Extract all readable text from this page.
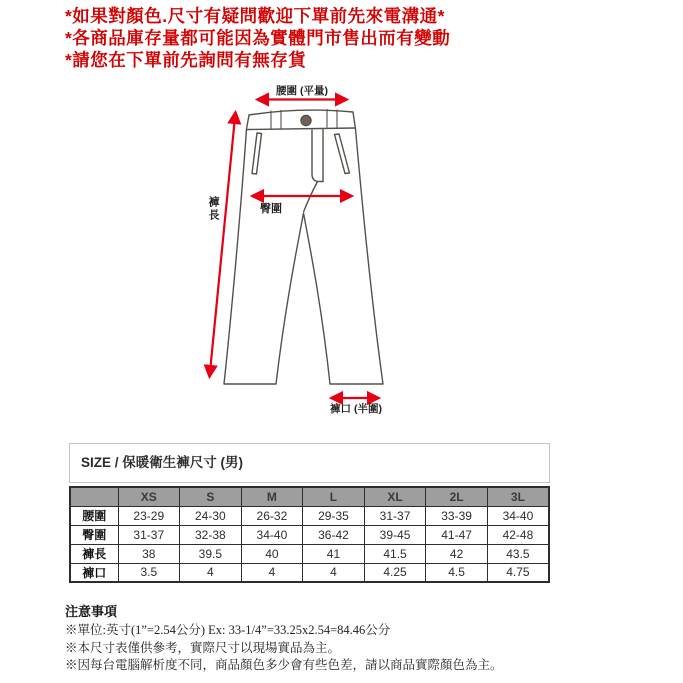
*如果對顏色.尺寸有疑問歡迎下單前先來電溝通*
*各商品庫存量都可能因為實體門市售出而有變動
*請您在下單前先詢問有無存貨
腰圍 (平量)
臀圍
褲長
褲口 (半圍)
SIZE / 保暖衛生褲尺寸 (男)
	XS	S	M	L	XL	2L	3L
腰圍	23-29	24-30	26-32	29-35	31-37	33-39	34-40
臀圍	31-37	32-38	34-40	36-42	39-45	41-47	42-48
褲長	38	39.5	40	41	41.5	42	43.5
褲口	3.5	4	4	4	4.25	4.5	4.75
注意事項
※單位:英寸(1”=2.54公分) Ex: 33-1/4”=33.25x2.54=84.46公分
※本尺寸表僅供參考，實際尺寸以現場實品為主。
※因每台電腦解析度不同，商品顏色多少會有些色差，請以商品實際顏色為主。
